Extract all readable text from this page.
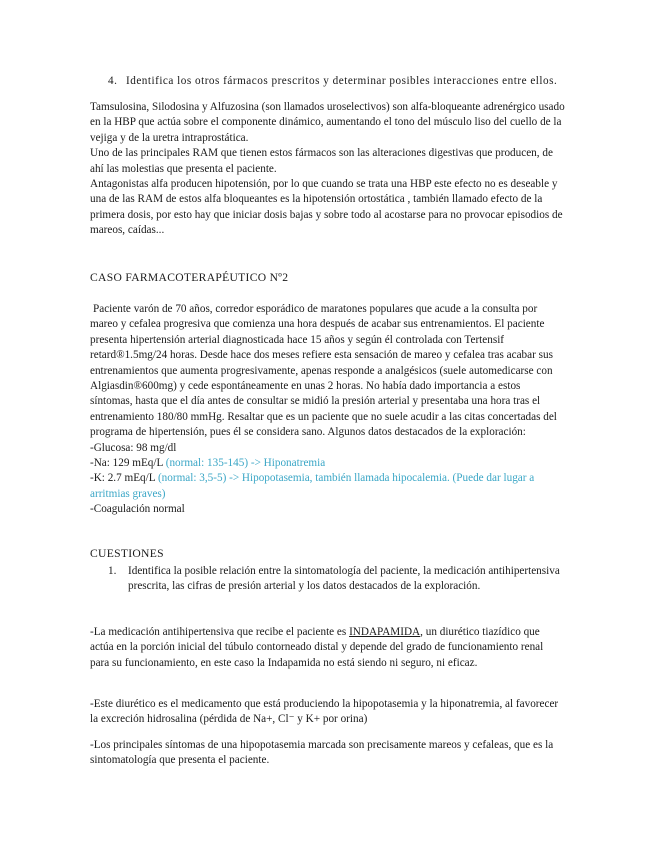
4. Identifica los otros fármacos prescritos y determinar posibles interacciones entre ellos.

Tamsulosina, Silodosina y Alfuzosina (son llamados uroselectivos) son alfa-bloqueante adrenérgico usado en la HBP que actúa sobre el componente dinámico, aumentando el tono del músculo liso del cuello de la vejiga y de la uretra intraprostática.

Uno de las principales RAM que tienen estos fármacos son las alteraciones digestivas que producen, de ahí las molestias que presenta el paciente.

Antagonistas alfa producen hipotensión, por lo que cuando se trata una HBP este efecto no es deseable y una de las RAM de estos alfa bloqueantes es la hipotensión ortostática , también llamado efecto de la primera dosis, por esto hay que iniciar dosis bajas y sobre todo al acostarse para no provocar episodios de mareos, caídas...

CASO FARMACOTERAPÉUTICO Nº2

Paciente varón de 70 años, corredor esporádico de maratones populares que acude a la consulta por mareo y cefalea progresiva que comienza una hora después de acabar sus entrenamientos. El paciente presenta hipertensión arterial diagnosticada hace 15 años y según él controlada con Tertensif retard®1.5mg/24 horas. Desde hace dos meses refiere esta sensación de mareo y cefalea tras acabar sus entrenamientos que aumenta progresivamente, apenas responde a analgésicos (suele automedicarse con Algiasdin®600mg) y cede espontáneamente en unas 2 horas. No había dado importancia a estos síntomas, hasta que el día antes de consultar se midió la presión arterial y presentaba una hora tras el entrenamiento 180/80 mmHg. Resaltar que es un paciente que no suele acudir a las citas concertadas del programa de hipertensión, pues él se considera sano. Algunos datos destacados de la exploración:

-Glucosa: 98 mg/dl

-Na: 129 mEq/L (normal: 135-145) -> Hiponatremia

-K: 2.7 mEq/L (normal: 3,5-5) -> Hipopotasemia, también llamada hipocalemia. (Puede dar lugar a arritmias graves)

-Coagulación normal

CUESTIONES
1. Identifica la posible relación entre la sintomatología del paciente, la medicación antihipertensiva prescrita, las cifras de presión arterial y los datos destacados de la exploración.

-La medicación antihipertensiva que recibe el paciente es INDAPAMIDA, un diurético tiazídico que actúa en la porción inicial del túbulo contorneado distal y depende del grado de funcionamiento renal para su funcionamiento, en este caso la Indapamida no está siendo ni seguro, ni eficaz.

-Este diurético es el medicamento que está produciendo la hipopotasemia y la hiponatremia, al favorecer la excreción hidrosalina (pérdida de Na+, Cl⁻ y K+ por orina)

-Los principales síntomas de una hipopotasemia marcada son precisamente mareos y cefaleas, que es la sintomatología que presenta el paciente.
